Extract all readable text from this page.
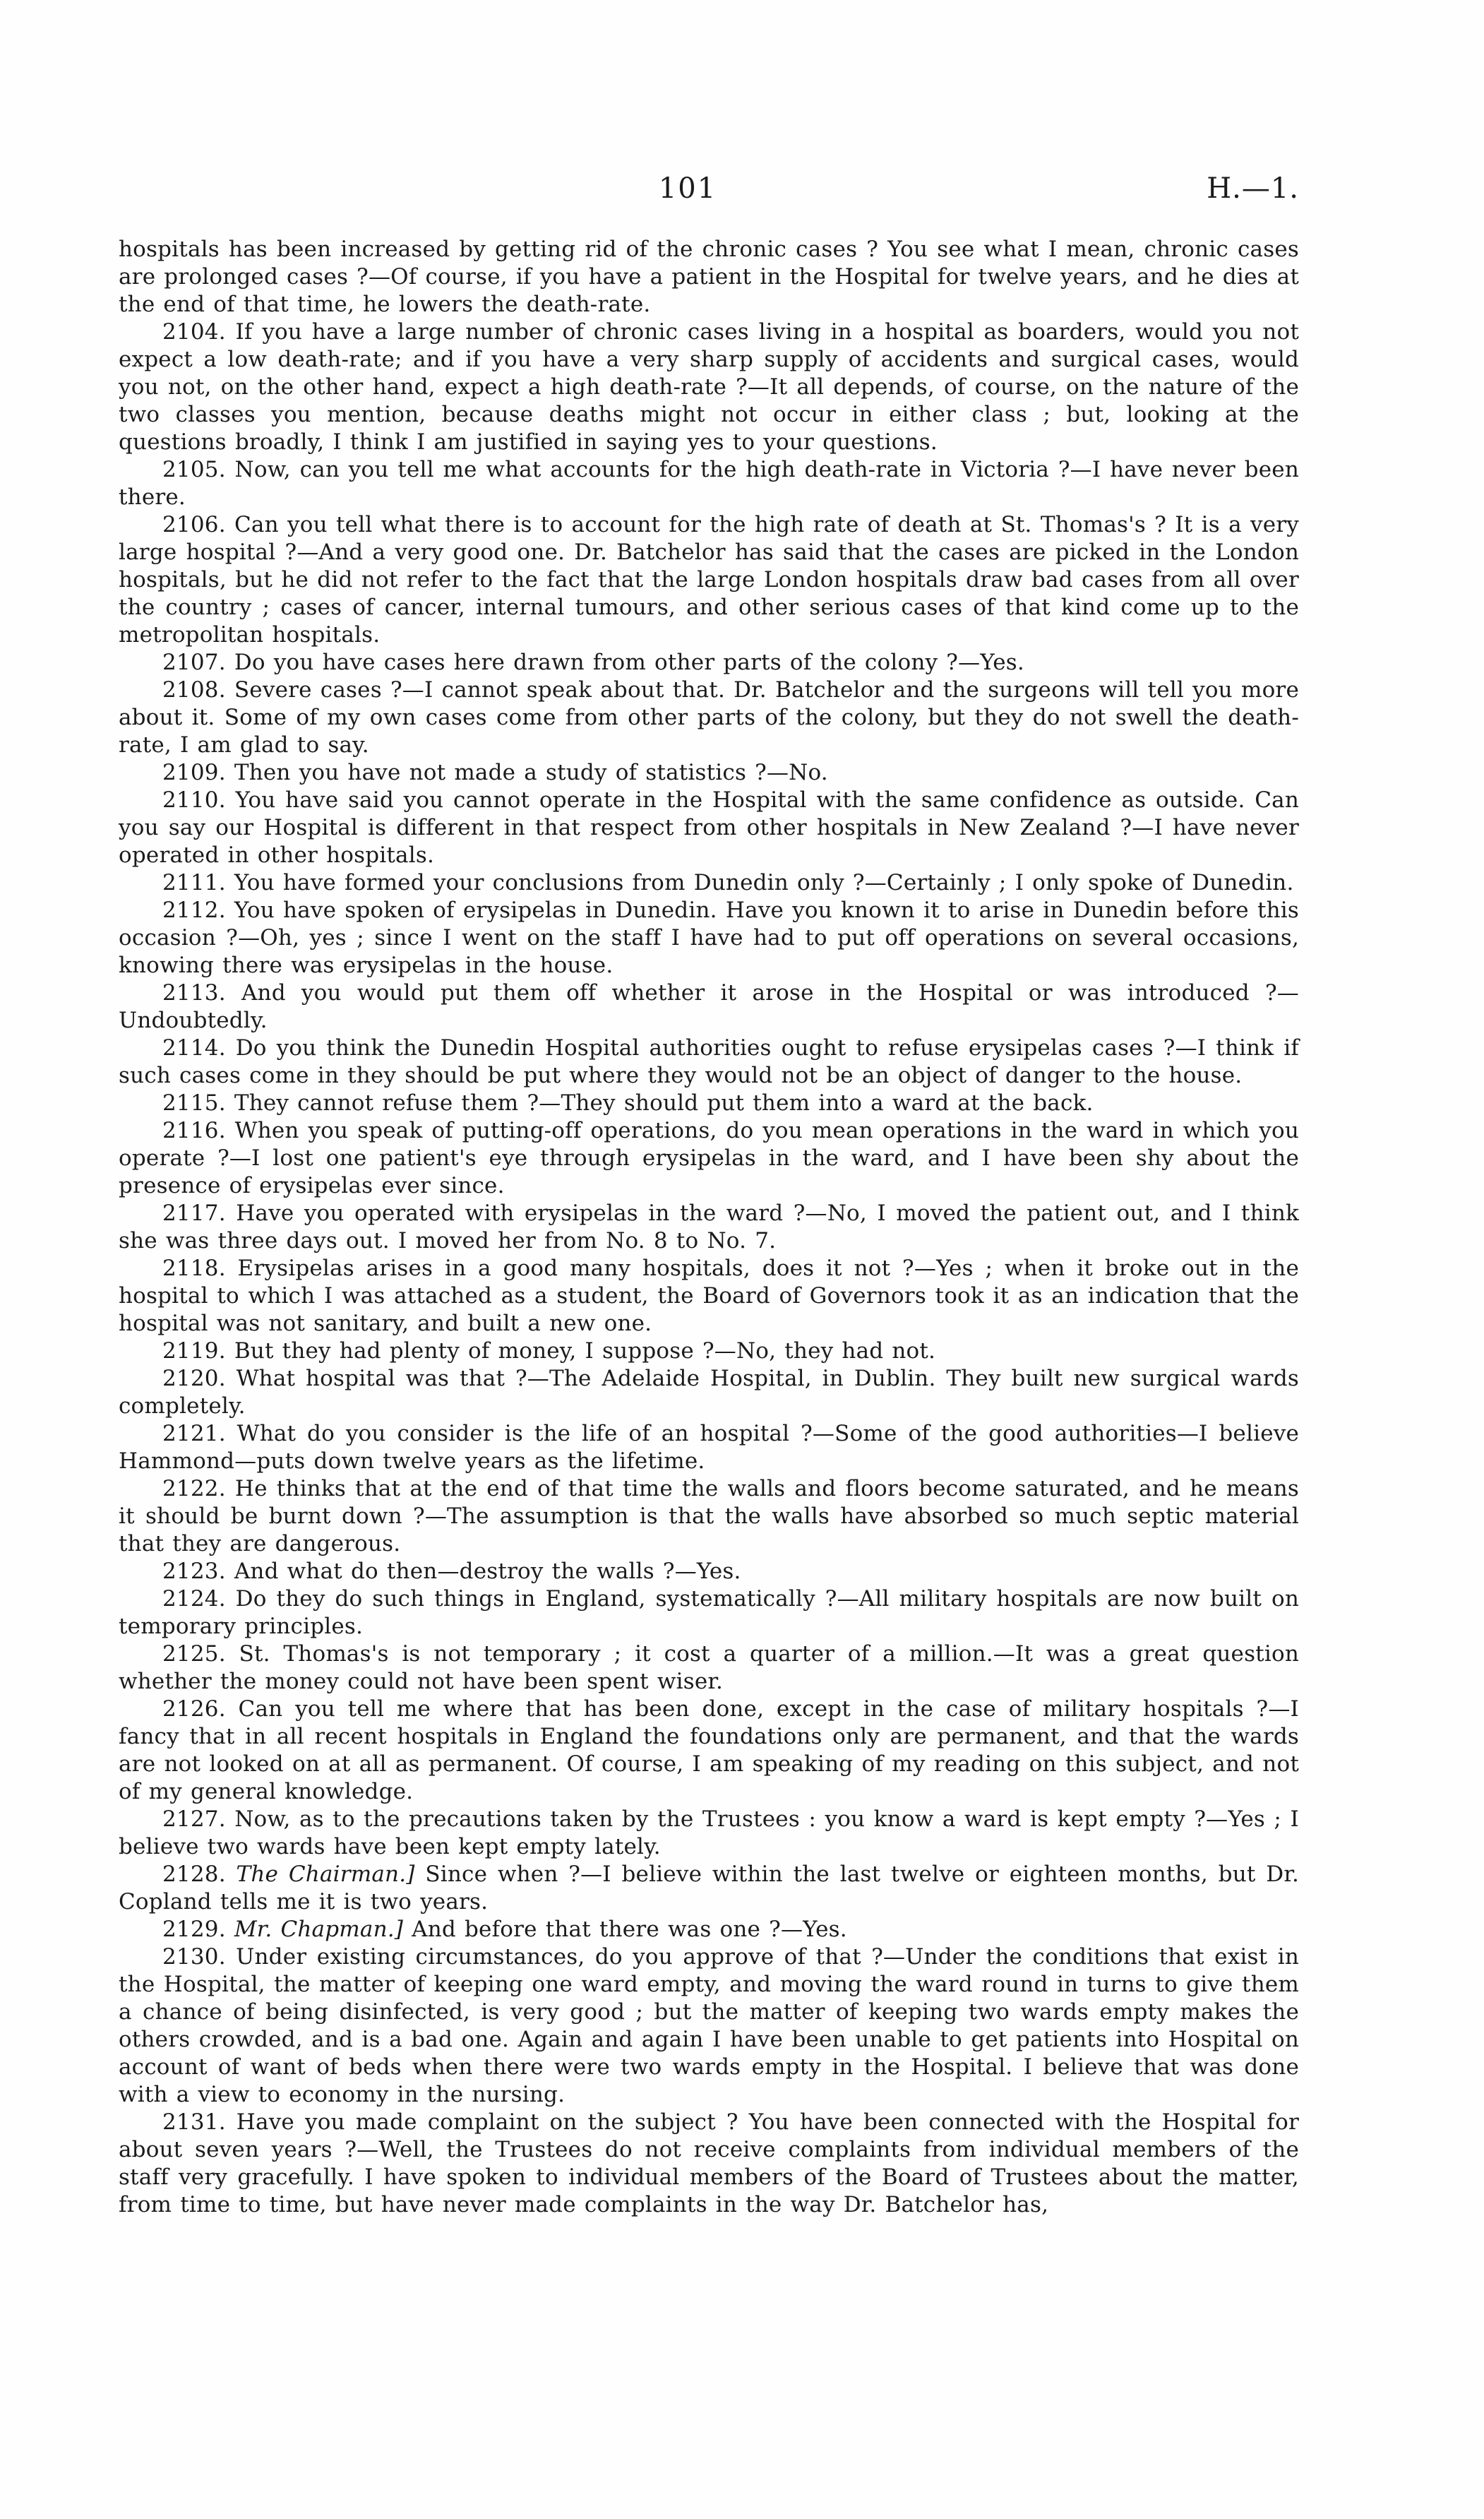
101	H.—1.

hospitals has been increased by getting rid of the chronic cases ? You see what I mean, chronic cases are prolonged cases ?—Of course, if you have a patient in the Hospital for twelve years, and he dies at the end of that time, he lowers the death-rate.

2104. If you have a large number of chronic cases living in a hospital as boarders, would you not expect a low death-rate; and if you have a very sharp supply of accidents and surgical cases, would you not, on the other hand, expect a high death-rate ?—It all depends, of course, on the nature of the two classes you mention, because deaths might not occur in either class ; but, looking at the questions broadly, I think I am justified in saying yes to your questions.

2105. Now, can you tell me what accounts for the high death-rate in Victoria ?—I have never been there.

2106. Can you tell what there is to account for the high rate of death at St. Thomas's ? It is a very large hospital ?—And a very good one. Dr. Batchelor has said that the cases are picked in the London hospitals, but he did not refer to the fact that the large London hospitals draw bad cases from all over the country ; cases of cancer, internal tumours, and other serious cases of that kind come up to the metropolitan hospitals.

2107. Do you have cases here drawn from other parts of the colony ?—Yes.

2108. Severe cases ?—I cannot speak about that. Dr. Batchelor and the surgeons will tell you more about it. Some of my own cases come from other parts of the colony, but they do not swell the death-rate, I am glad to say.

2109. Then you have not made a study of statistics ?—No.

2110. You have said you cannot operate in the Hospital with the same confidence as outside. Can you say our Hospital is different in that respect from other hospitals in New Zealand ?—I have never operated in other hospitals.

2111. You have formed your conclusions from Dunedin only ?—Certainly ; I only spoke of Dunedin.

2112. You have spoken of erysipelas in Dunedin. Have you known it to arise in Dunedin before this occasion ?—Oh, yes ; since I went on the staff I have had to put off operations on several occasions, knowing there was erysipelas in the house.

2113. And you would put them off whether it arose in the Hospital or was introduced ?—Undoubtedly.

2114. Do you think the Dunedin Hospital authorities ought to refuse erysipelas cases ?—I think if such cases come in they should be put where they would not be an object of danger to the house.

2115. They cannot refuse them ?—They should put them into a ward at the back.

2116. When you speak of putting-off operations, do you mean operations in the ward in which you operate ?—I lost one patient's eye through erysipelas in the ward, and I have been shy about the presence of erysipelas ever since.

2117. Have you operated with erysipelas in the ward ?—No, I moved the patient out, and I think she was three days out. I moved her from No. 8 to No. 7.

2118. Erysipelas arises in a good many hospitals, does it not ?—Yes ; when it broke out in the hospital to which I was attached as a student, the Board of Governors took it as an indication that the hospital was not sanitary, and built a new one.

2119. But they had plenty of money, I suppose ?—No, they had not.

2120. What hospital was that ?—The Adelaide Hospital, in Dublin. They built new surgical wards completely.

2121. What do you consider is the life of an hospital ?—Some of the good authorities—I believe Hammond—puts down twelve years as the lifetime.

2122. He thinks that at the end of that time the walls and floors become saturated, and he means it should be burnt down ?—The assumption is that the walls have absorbed so much septic material that they are dangerous.

2123. And what do then—destroy the walls ?—Yes.

2124. Do they do such things in England, systematically ?—All military hospitals are now built on temporary principles.

2125. St. Thomas's is not temporary ; it cost a quarter of a million.—It was a great question whether the money could not have been spent wiser.

2126. Can you tell me where that has been done, except in the case of military hospitals ?—I fancy that in all recent hospitals in England the foundations only are permanent, and that the wards are not looked on at all as permanent. Of course, I am speaking of my reading on this subject, and not of my general knowledge.

2127. Now, as to the precautions taken by the Trustees : you know a ward is kept empty ?—Yes ; I believe two wards have been kept empty lately.

2128. The Chairman.] Since when ?—I believe within the last twelve or eighteen months, but Dr. Copland tells me it is two years.

2129. Mr. Chapman.] And before that there was one ?—Yes.

2130. Under existing circumstances, do you approve of that ?—Under the conditions that exist in the Hospital, the matter of keeping one ward empty, and moving the ward round in turns to give them a chance of being disinfected, is very good ; but the matter of keeping two wards empty makes the others crowded, and is a bad one. Again and again I have been unable to get patients into Hospital on account of want of beds when there were two wards empty in the Hospital. I believe that was done with a view to economy in the nursing.

2131. Have you made complaint on the subject ? You have been connected with the Hospital for about seven years ?—Well, the Trustees do not receive complaints from individual members of the staff very gracefully. I have spoken to individual members of the Board of Trustees about the matter, from time to time, but have never made complaints in the way Dr. Batchelor has,
